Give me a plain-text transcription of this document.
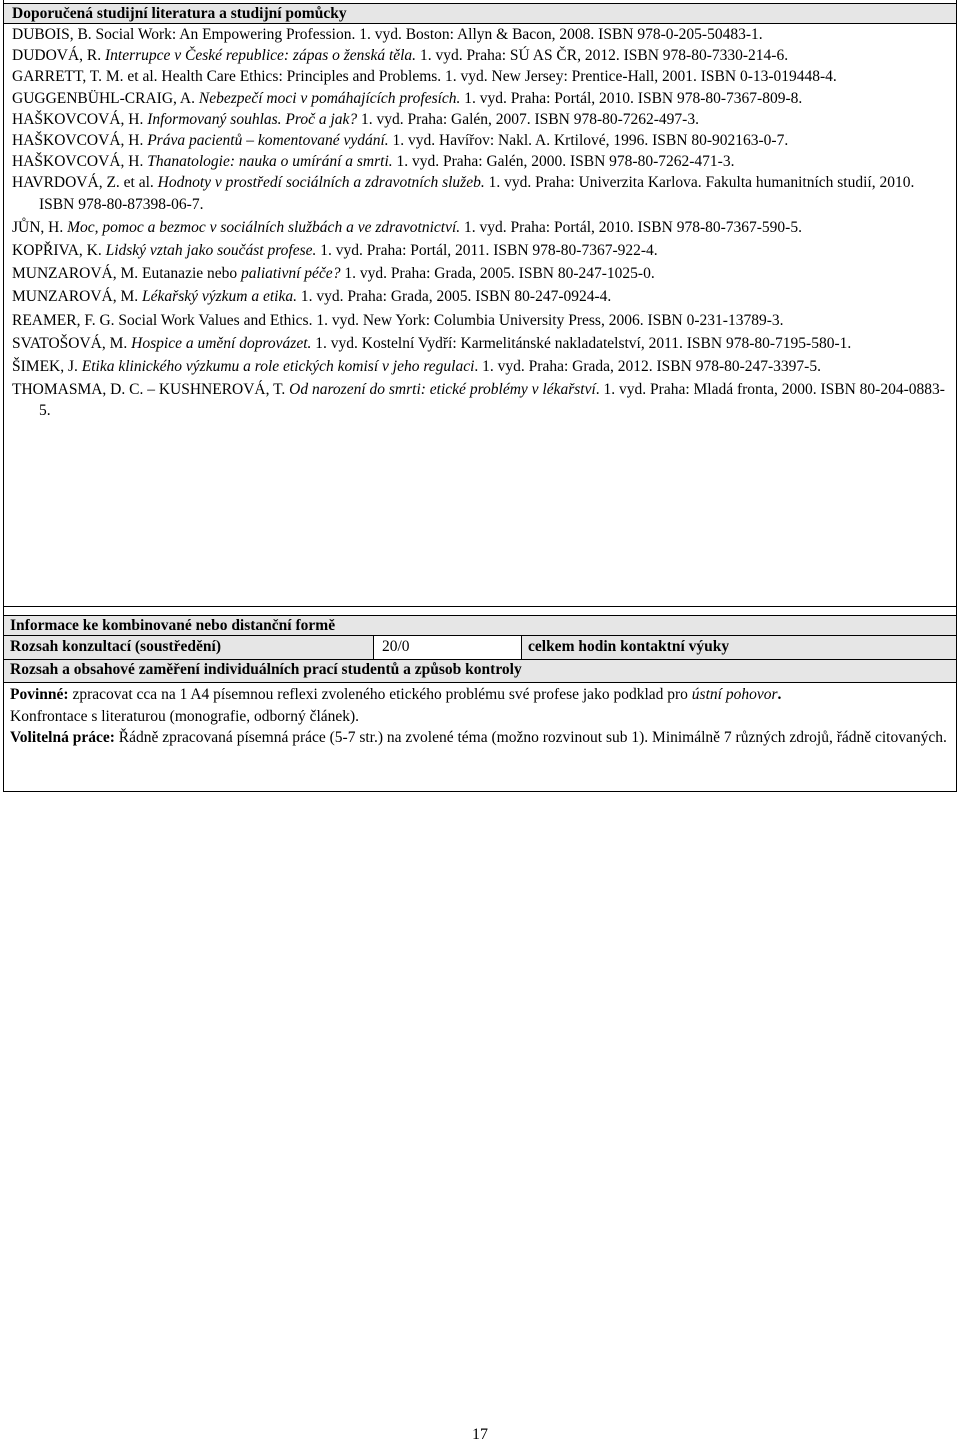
Doporučená studijní literatura a studijní pomůcky

DUBOIS, B. Social Work: An Empowering Profession. 1. vyd. Boston: Allyn & Bacon, 2008. ISBN 978-0-205-50483-1.

DUDOVÁ, R. Interrupce v České republice: zápas o ženská těla. 1. vyd. Praha: SÚ AS ČR, 2012. ISBN 978-80-7330-214-6.

GARRETT, T. M. et al. Health Care Ethics: Principles and Problems. 1. vyd. New Jersey: Prentice-Hall, 2001. ISBN 0-13-019448-4.

GUGGENBÜHL-CRAIG, A. Nebezpečí moci v pomáhajících profesích. 1. vyd. Praha: Portál, 2010. ISBN 978-80-7367-809-8.

HAŠKOVCOVÁ, H. Informovaný souhlas. Proč a jak? 1. vyd. Praha: Galén, 2007. ISBN 978-80-7262-497-3.

HAŠKOVCOVÁ, H. Práva pacientů – komentované vydání. 1. vyd. Havířov: Nakl. A. Krtilové, 1996. ISBN 80-902163-0-7.

HAŠKOVCOVÁ, H. Thanatologie: nauka o umírání a smrti. 1. vyd. Praha: Galén, 2000. ISBN 978-80-7262-471-3.

HAVRDOVÁ, Z. et al. Hodnoty v prostředí sociálních a zdravotních služeb. 1. vyd. Praha: Univerzita Karlova. Fakulta humanitních studií, 2010. ISBN 978-80-87398-06-7.

JŮN, H. Moc, pomoc a bezmoc v sociálních službách a ve zdravotnictví. 1. vyd. Praha: Portál, 2010. ISBN 978-80-7367-590-5.

KOPŘIVA, K. Lidský vztah jako součást profese. 1. vyd. Praha: Portál, 2011. ISBN 978-80-7367-922-4.

MUNZAROVÁ, M. Eutanazie nebo paliativní péče? 1. vyd. Praha: Grada, 2005. ISBN 80-247-1025-0.

MUNZAROVÁ, M. Lékařský výzkum a etika. 1. vyd. Praha: Grada, 2005. ISBN 80-247-0924-4.

REAMER, F. G. Social Work Values and Ethics. 1. vyd. New York: Columbia University Press, 2006. ISBN 0-231-13789-3.

SVATOŠOVÁ, M. Hospice a umění doprovázet. 1. vyd. Kostelní Vydří: Karmelitánské nakladatelství, 2011. ISBN 978-80-7195-580-1.

ŠIMEK, J. Etika klinického výzkumu a role etických komisí v jeho regulaci. 1. vyd. Praha: Grada, 2012. ISBN 978-80-247-3397-5.

THOMASMA, D. C. – KUSHNEROVÁ, T. Od narození do smrti: etické problémy v lékařství. 1. vyd. Praha: Mladá fronta, 2000. ISBN 80-204-0883-5.

Informace ke kombinované nebo distanční formě
Rozsah konzultací (soustředění)	20/0	celkem hodin kontaktní výuky
Rozsah a obsahové zaměření individuálních prací studentů a způsob kontroly

Povinné: zpracovat cca na 1 A4 písemnou reflexi zvoleného etického problému své profese jako podklad pro ústní pohovor.

Konfrontace s literaturou (monografie, odborný článek).

Volitelná práce: Řádně zpracovaná písemná práce (5-7 str.) na zvolené téma (možno rozvinout sub 1). Minimálně 7 různých zdrojů, řádně citovaných.

17
